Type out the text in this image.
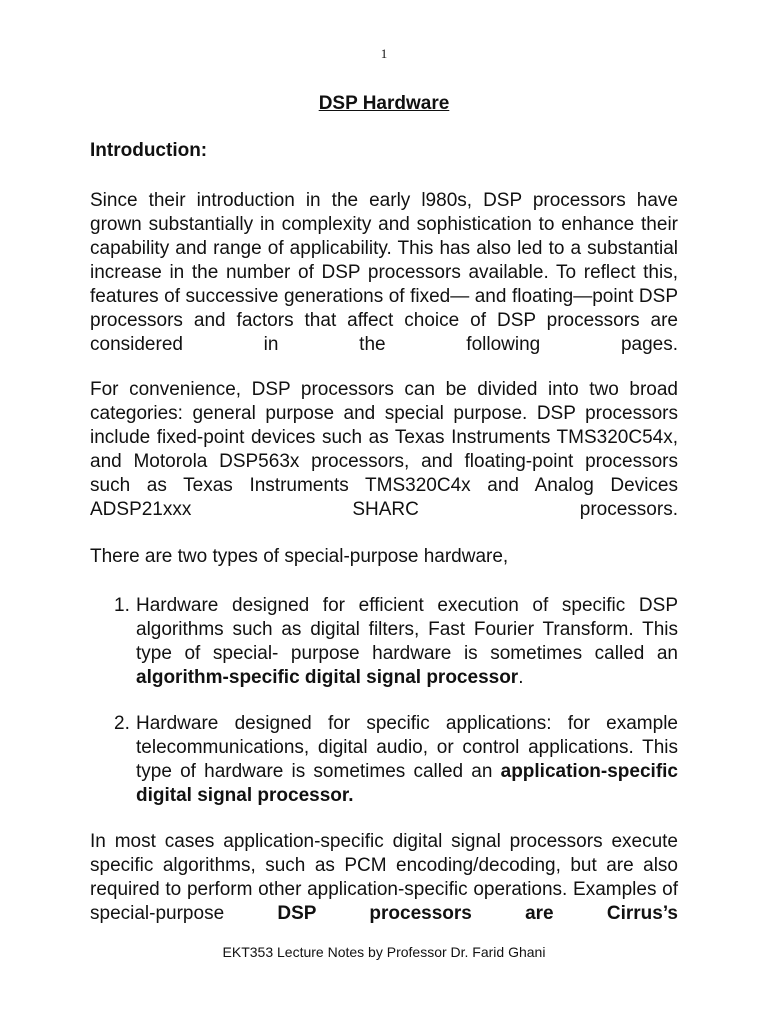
1
DSP Hardware
Introduction:

Since their introduction in the early l980s, DSP processors have grown substantially in complexity and sophistication to enhance their capability and range of applicability. This has also led to a substantial increase in the number of DSP processors available. To reflect this, features of successive generations of fixed— and floating—point DSP processors and factors that affect choice of DSP processors are considered in the following pages.

For convenience, DSP processors can be divided into two broad categories: general purpose and special purpose. DSP processors include fixed-point devices such as Texas Instruments TMS320C54x, and Motorola DSP563x processors, and floating-point processors such as Texas Instruments TMS320C4x and Analog Devices ADSP21xxx SHARC processors.

There are two types of special-purpose hardware,

1. Hardware designed for efficient execution of specific DSP algorithms such as digital filters, Fast Fourier Transform. This type of special- purpose hardware is sometimes called an algorithm-specific digital signal processor.
2. Hardware designed for specific applications: for example telecommunications, digital audio, or control applications. This type of hardware is sometimes called an application-specific digital signal processor.

In most cases application-specific digital signal processors execute specific algorithms, such as PCM encoding/decoding, but are also required to perform other application-specific operations. Examples of special-purpose DSP processors are Cirrus’s

EKT353 Lecture Notes by Professor Dr. Farid Ghani
